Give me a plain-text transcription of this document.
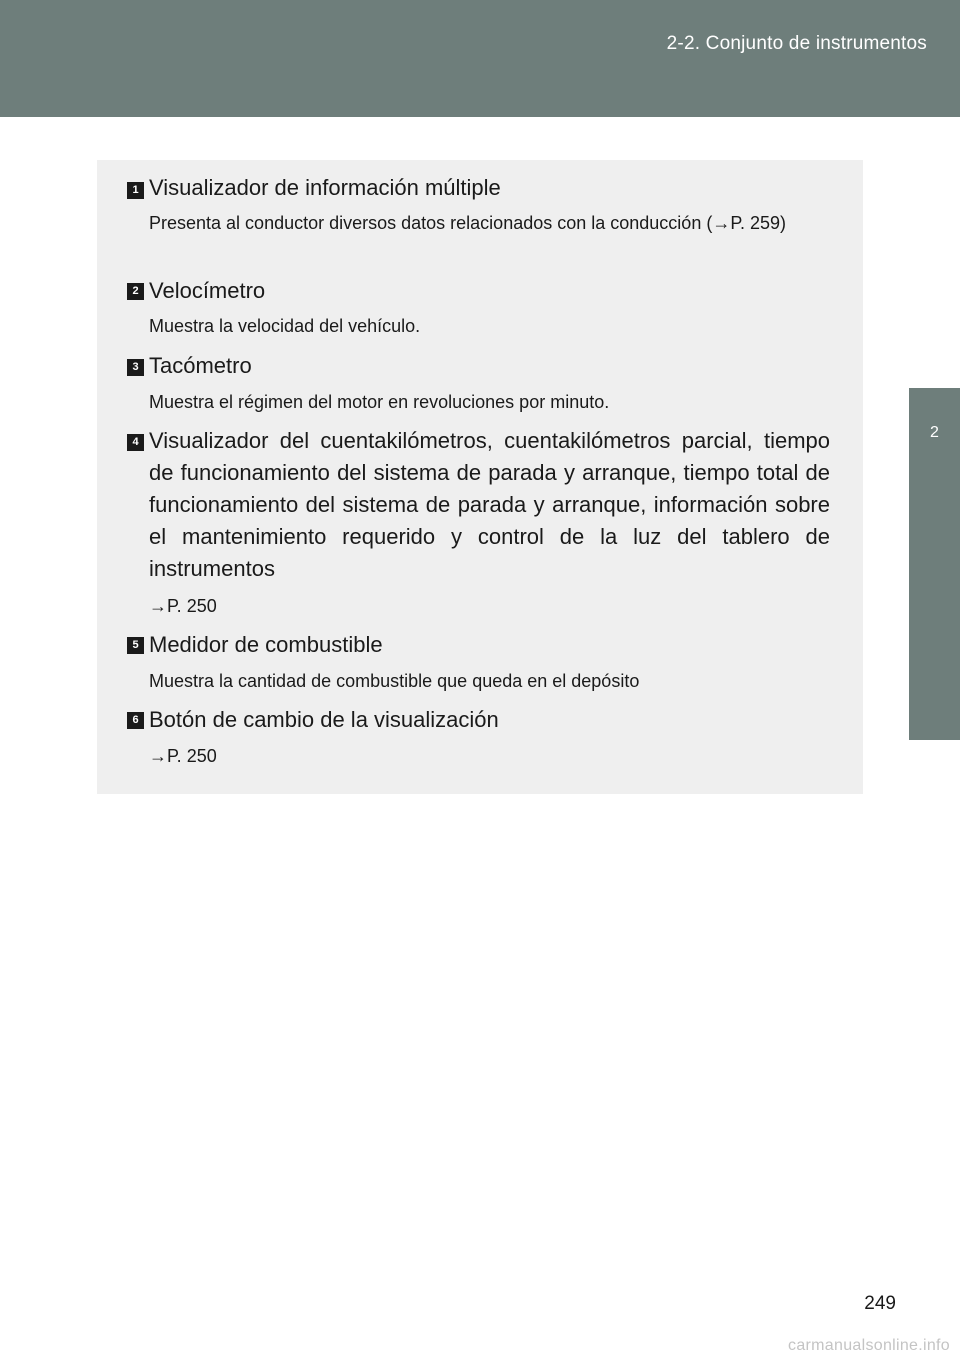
2-2. Conjunto de instrumentos
2
Durante la conducción
1 Visualizador de información múltiple
Presenta al conductor diversos datos relacionados con la conducción (→P. 259)
2 Velocímetro
Muestra la velocidad del vehículo.
3 Tacómetro
Muestra el régimen del motor en revoluciones por minuto.
4 Visualizador del cuentakilómetros, cuentakilómetros parcial, tiempo de funcionamiento del sistema de parada y arranque, tiempo total de funcionamiento del sistema de parada y arranque, información sobre el mantenimiento requerido y control de la luz del tablero de instrumentos
→P. 250
5 Medidor de combustible
Muestra la cantidad de combustible que queda en el depósito
6 Botón de cambio de la visualización
→P. 250
249
carmanualsonline.info
